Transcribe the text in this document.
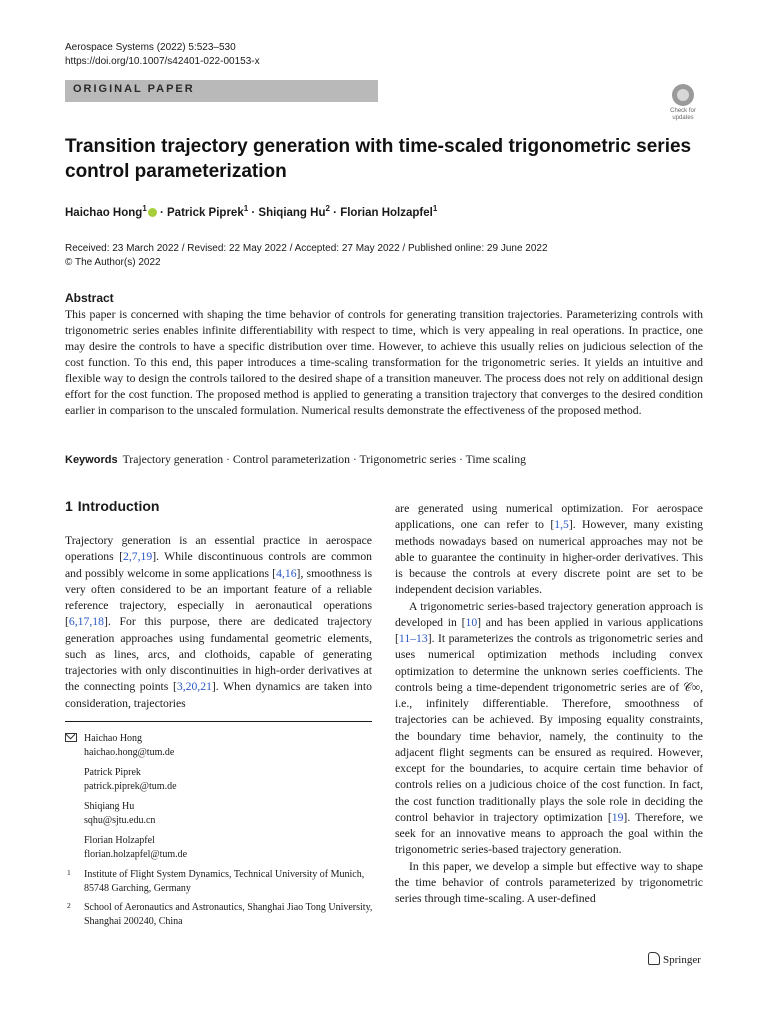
Aerospace Systems (2022) 5:523–530
https://doi.org/10.1007/s42401-022-00153-x
ORIGINAL PAPER
Check for
updates
Transition trajectory generation with time-scaled trigonometric series control parameterization
Haichao Hong$^1$ · Patrick Piprek$^1$ · Shiqiang $Hu^2$ · Florian Holzapfel$^1$
Received: 23 March 2022 / Revised: 22 May 2022 / Accepted: 27 May 2022 / Published online: 29 June 2022
© The Author(s) 2022
Abstract
This paper is concerned with shaping the time behavior of controls for generating transition trajectories. Parameterizing controls with trigonometric series enables infinite differentiability with respect to time, which is very appealing in real operations. In practice, one may desire the controls to have a specific distribution over time. However, to achieve this usually relies on judicious selection of the cost function. To this end, this paper introduces a time-scaling transformation for the trigonometric series. It yields an intuitive and flexible way to design the controls tailored to the desired shape of a transition maneuver. The process does not rely on additional design effort for the cost function. The proposed method is applied to generating a transition trajectory that converges to the desired condition earlier in comparison to the unscaled formulation. Numerical results demonstrate the effectiveness of the proposed method.
Keywords Trajectory generation · Control parameterization · Trigonometric series · Time scaling
1 Introduction

Trajectory generation is an essential practice in aerospace operations [2,7,19]. While discontinuous controls are common and possibly welcome in some applications [4,16], smoothness is very often considered to be an important feature of a reliable reference trajectory, especially in aeronautical operations [6,17,18]. For this purpose, there are dedicated trajectory generation approaches using fundamental geometric elements, such as lines, arcs, and clothoids, capable of generating trajectories with only discontinuities in high-order derivatives at the connecting points [3,20,21]. When dynamics are taken into consideration, trajectories

are generated using numerical optimization. For aerospace applications, one can refer to [1,5]. However, many existing methods nowadays based on numerical approaches may not be able to guarantee the continuity in higher-order derivatives. This is because the controls at every discrete point are set to be independent decision variables.

A trigonometric series-based trajectory generation approach is developed in [10] and has been applied in various applications [11–13]. It parameterizes the controls as trigonometric series and uses numerical optimization methods including convex optimization to determine the unknown series coefficients. The controls being a time-dependent trigonometric series are of 𝒞∞, i.e., infinitely differentiable. Therefore, smoothness of trajectories can be achieved. By imposing equality constraints, the boundary time behavior, namely, the continuity to the adjacent flight segments can be ensured as required. However, except for the boundaries, to acquire certain time behavior of controls relies on a judicious choice of the cost function. In fact, the cost function traditionally plays the sole role in deciding the control behavior in trajectory optimization [19]. Therefore, we seek for an innovative means to approach the goal within the trigonometric series-based trajectory generation.

In this paper, we develop a simple but effective way to shape the time behavior of controls parameterized by trigonometric series through time-scaling. A user-defined

Haichao Hong
haichao.hong@tum.de
Patrick Piprek
patrick.piprek@tum.de
Shiqiang Hu
sqhu@sjtu.edu.cn
Florian Holzapfel
florian.holzapfel@tum.de
1 Institute of Flight System Dynamics, Technical University of Munich, 85748 Garching, Germany
2 School of Aeronautics and Astronautics, Shanghai Jiao Tong University, Shanghai 200240, China
Springer
